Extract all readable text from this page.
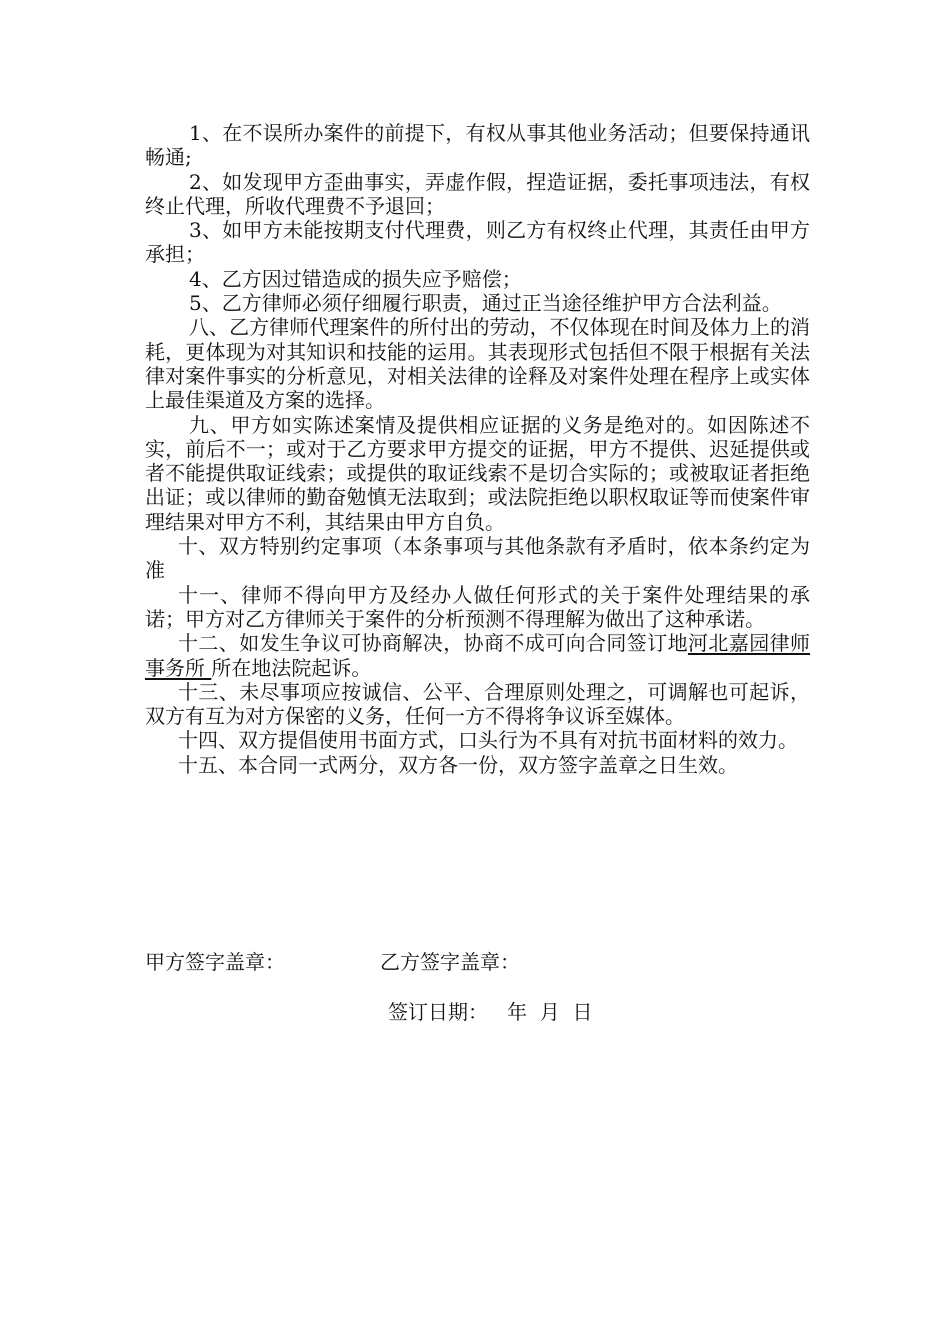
1、在不误所办案件的前提下，有权从事其他业务活动；但要保持通讯畅通;

2、如发现甲方歪曲事实，弄虚作假，捏造证据，委托事项违法，有权终止代理，所收代理费不予退回；

3、如甲方未能按期支付代理费，则乙方有权终止代理，其责任由甲方承担；

4、乙方因过错造成的损失应予赔偿；

5、乙方律师必须仔细履行职责，通过正当途径维护甲方合法利益。

八、乙方律师代理案件的所付出的劳动，不仅体现在时间及体力上的消耗，更体现为对其知识和技能的运用。其表现形式包括但不限于根据有关法律对案件事实的分析意见，对相关法律的诠释及对案件处理在程序上或实体上最佳渠道及方案的选择。

九、甲方如实陈述案情及提供相应证据的义务是绝对的。如因陈述不实，前后不一；或对于乙方要求甲方提交的证据，甲方不提供、迟延提供或者不能提供取证线索；或提供的取证线索不是切合实际的；或被取证者拒绝出证；或以律师的勤奋勉慎无法取到；或法院拒绝以职权取证等而使案件审理结果对甲方不利，其结果由甲方自负。

十、双方特别约定事项（本条事项与其他条款有矛盾时，依本条约定为准

十一、律师不得向甲方及经办人做任何形式的关于案件处理结果的承诺；甲方对乙方律师关于案件的分析预测不得理解为做出了这种承诺。

十二、如发生争议可协商解决，协商不成可向合同签订地河北嘉园律师事务所 所在地法院起诉。

十三、未尽事项应按诚信、公平、合理原则处理之，可调解也可起诉，双方有互为对方保密的义务，任何一方不得将争议诉至媒体。

十四、双方提倡使用书面方式，口头行为不具有对抗书面材料的效力。

十五、本合同一式两分，双方各一份，双方签字盖章之日生效。

甲方签字盖章：	乙方签字盖章：
签订日期：   年  月  日
